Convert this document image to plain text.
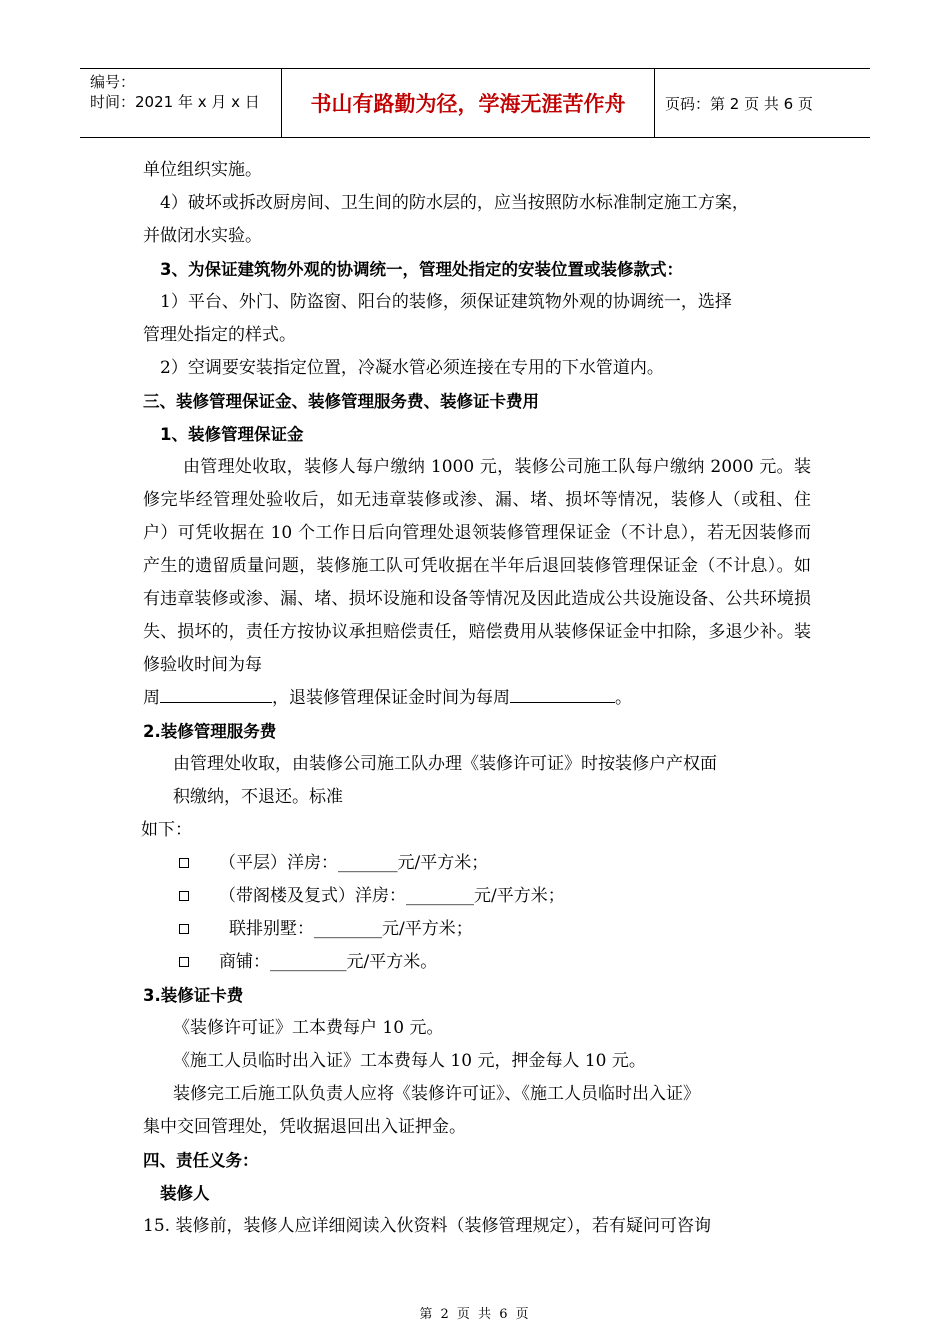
编号：
时间：2021 年 x 月 x 日	书山有路勤为径，学海无涯苦作舟	页码：第 2 页 共 6 页

单位组织实施。

4）破坏或拆改厨房间、卫生间的防水层的，应当按照防水标准制定施工方案，

并做闭水实验。

3、为保证建筑物外观的协调统一，管理处指定的安装位置或装修款式：

1）平台、外门、防盗窗、阳台的装修，须保证建筑物外观的协调统一，选择

管理处指定的样式。

2）空调要安装指定位置，冷凝水管必须连接在专用的下水管道内。

三、装修管理保证金、装修管理服务费、装修证卡费用

1、装修管理保证金

由管理处收取，装修人每户缴纳 1000 元，装修公司施工队每户缴纳 2000 元。装修完毕经管理处验收后，如无违章装修或渗、漏、堵、损坏等情况，装修人（或租、住户）可凭收据在 10 个工作日后向管理处退领装修管理保证金（不计息），若无因装修而产生的遗留质量问题，装修施工队可凭收据在半年后退回装修管理保证金（不计息）。如有违章装修或渗、漏、堵、损坏设施和设备等情况及因此造成公共设施设备、公共环境损失、损坏的，责任方按协议承担赔偿责任，赔偿费用从装修保证金中扣除，多退少补。装修验收时间为每

周	，退装修管理保证金时间为每周	。

2.装修管理服务费

由管理处收取，由装修公司施工队办理《装修许可证》时按装修户产权面

积缴纳，不退还。标准

如下：

（平层）洋房：_______元/平方米；
（带阁楼及复式）洋房：________元/平方米；
联排别墅：________元/平方米；
商铺：_________元/平方米。

3.装修证卡费

《装修许可证》工本费每户 10 元。

《施工人员临时出入证》工本费每人 10 元，押金每人 10 元。

装修完工后施工队负责人应将《装修许可证》、《施工人员临时出入证》

集中交回管理处，凭收据退回出入证押金。

四、责任义务：

装修人

15. 装修前，装修人应详细阅读入伙资料（装修管理规定），若有疑问可咨询

第 2 页 共 6 页
